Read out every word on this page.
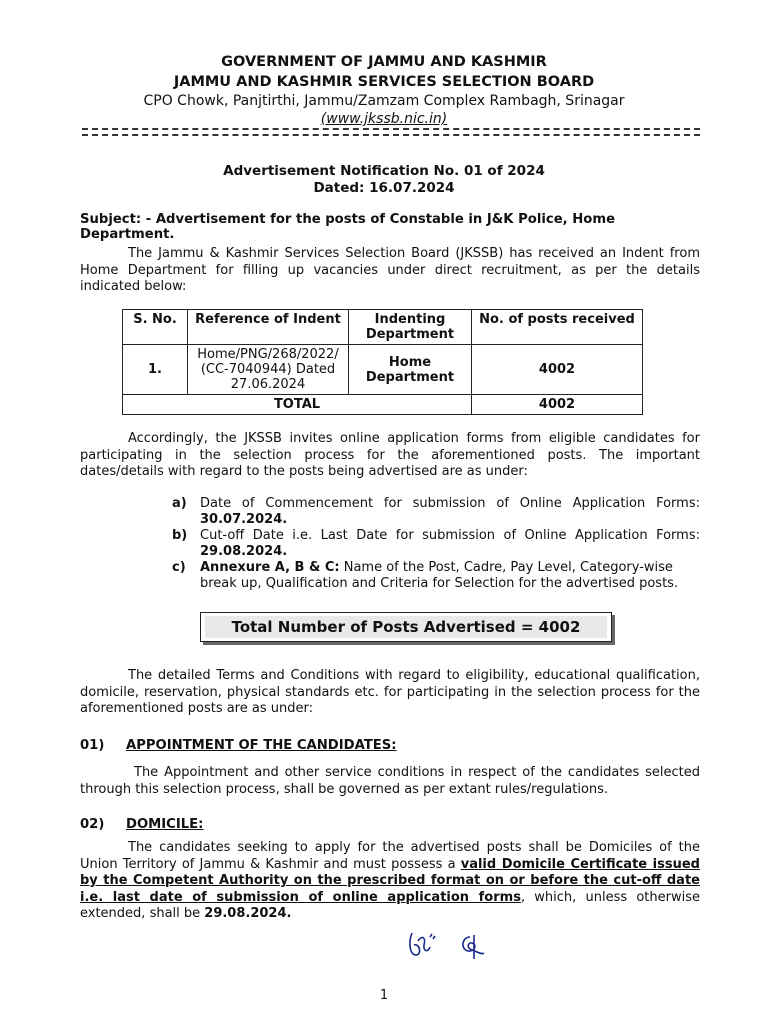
GOVERNMENT OF JAMMU AND KASHMIR
JAMMU AND KASHMIR SERVICES SELECTION BOARD
CPO Chowk, Panjtirthi, Jammu/Zamzam Complex Rambagh, Srinagar
(www.jkssb.nic.in)
Advertisement Notification No. 01 of 2024
Dated: 16.07.2024
Subject: - Advertisement for the posts of Constable in J&K Police, Home Department.
The Jammu & Kashmir Services Selection Board (JKSSB) has received an Indent from Home Department for filling up vacancies under direct recruitment, as per the details indicated below:
S. No.	Reference of Indent	Indenting Department	No. of posts received
1.	Home/PNG/268/2022/
(CC-7040944) Dated
27.06.2024	Home Department	4002
TOTAL			4002
Accordingly, the JKSSB invites online application forms from eligible candidates for participating in the selection process for the aforementioned posts. The important dates/details with regard to the posts being advertised are as under:
a) Date of Commencement for submission of Online Application Forms:
30.07.2024.
b) Cut-off Date i.e. Last Date for submission of Online Application Forms:
29.08.2024.
c) Annexure A, B & C: Name of the Post, Cadre, Pay Level, Category-wise break up, Qualification and Criteria for Selection for the advertised posts.
Total Number of Posts Advertised = 4002
The detailed Terms and Conditions with regard to eligibility, educational qualification, domicile, reservation, physical standards etc. for participating in the selection process for the aforementioned posts are as under:
01) APPOINTMENT OF THE CANDIDATES:
The Appointment and other service conditions in respect of the candidates selected through this selection process, shall be governed as per extant rules/regulations.
02) DOMICILE:
The candidates seeking to apply for the advertised posts shall be Domiciles of the Union Territory of Jammu & Kashmir and must possess a valid Domicile Certificate issued by the Competent Authority on the prescribed format on or before the cut-off date i.e. last date of submission of online application forms, which, unless otherwise extended, shall be 29.08.2024.
1
